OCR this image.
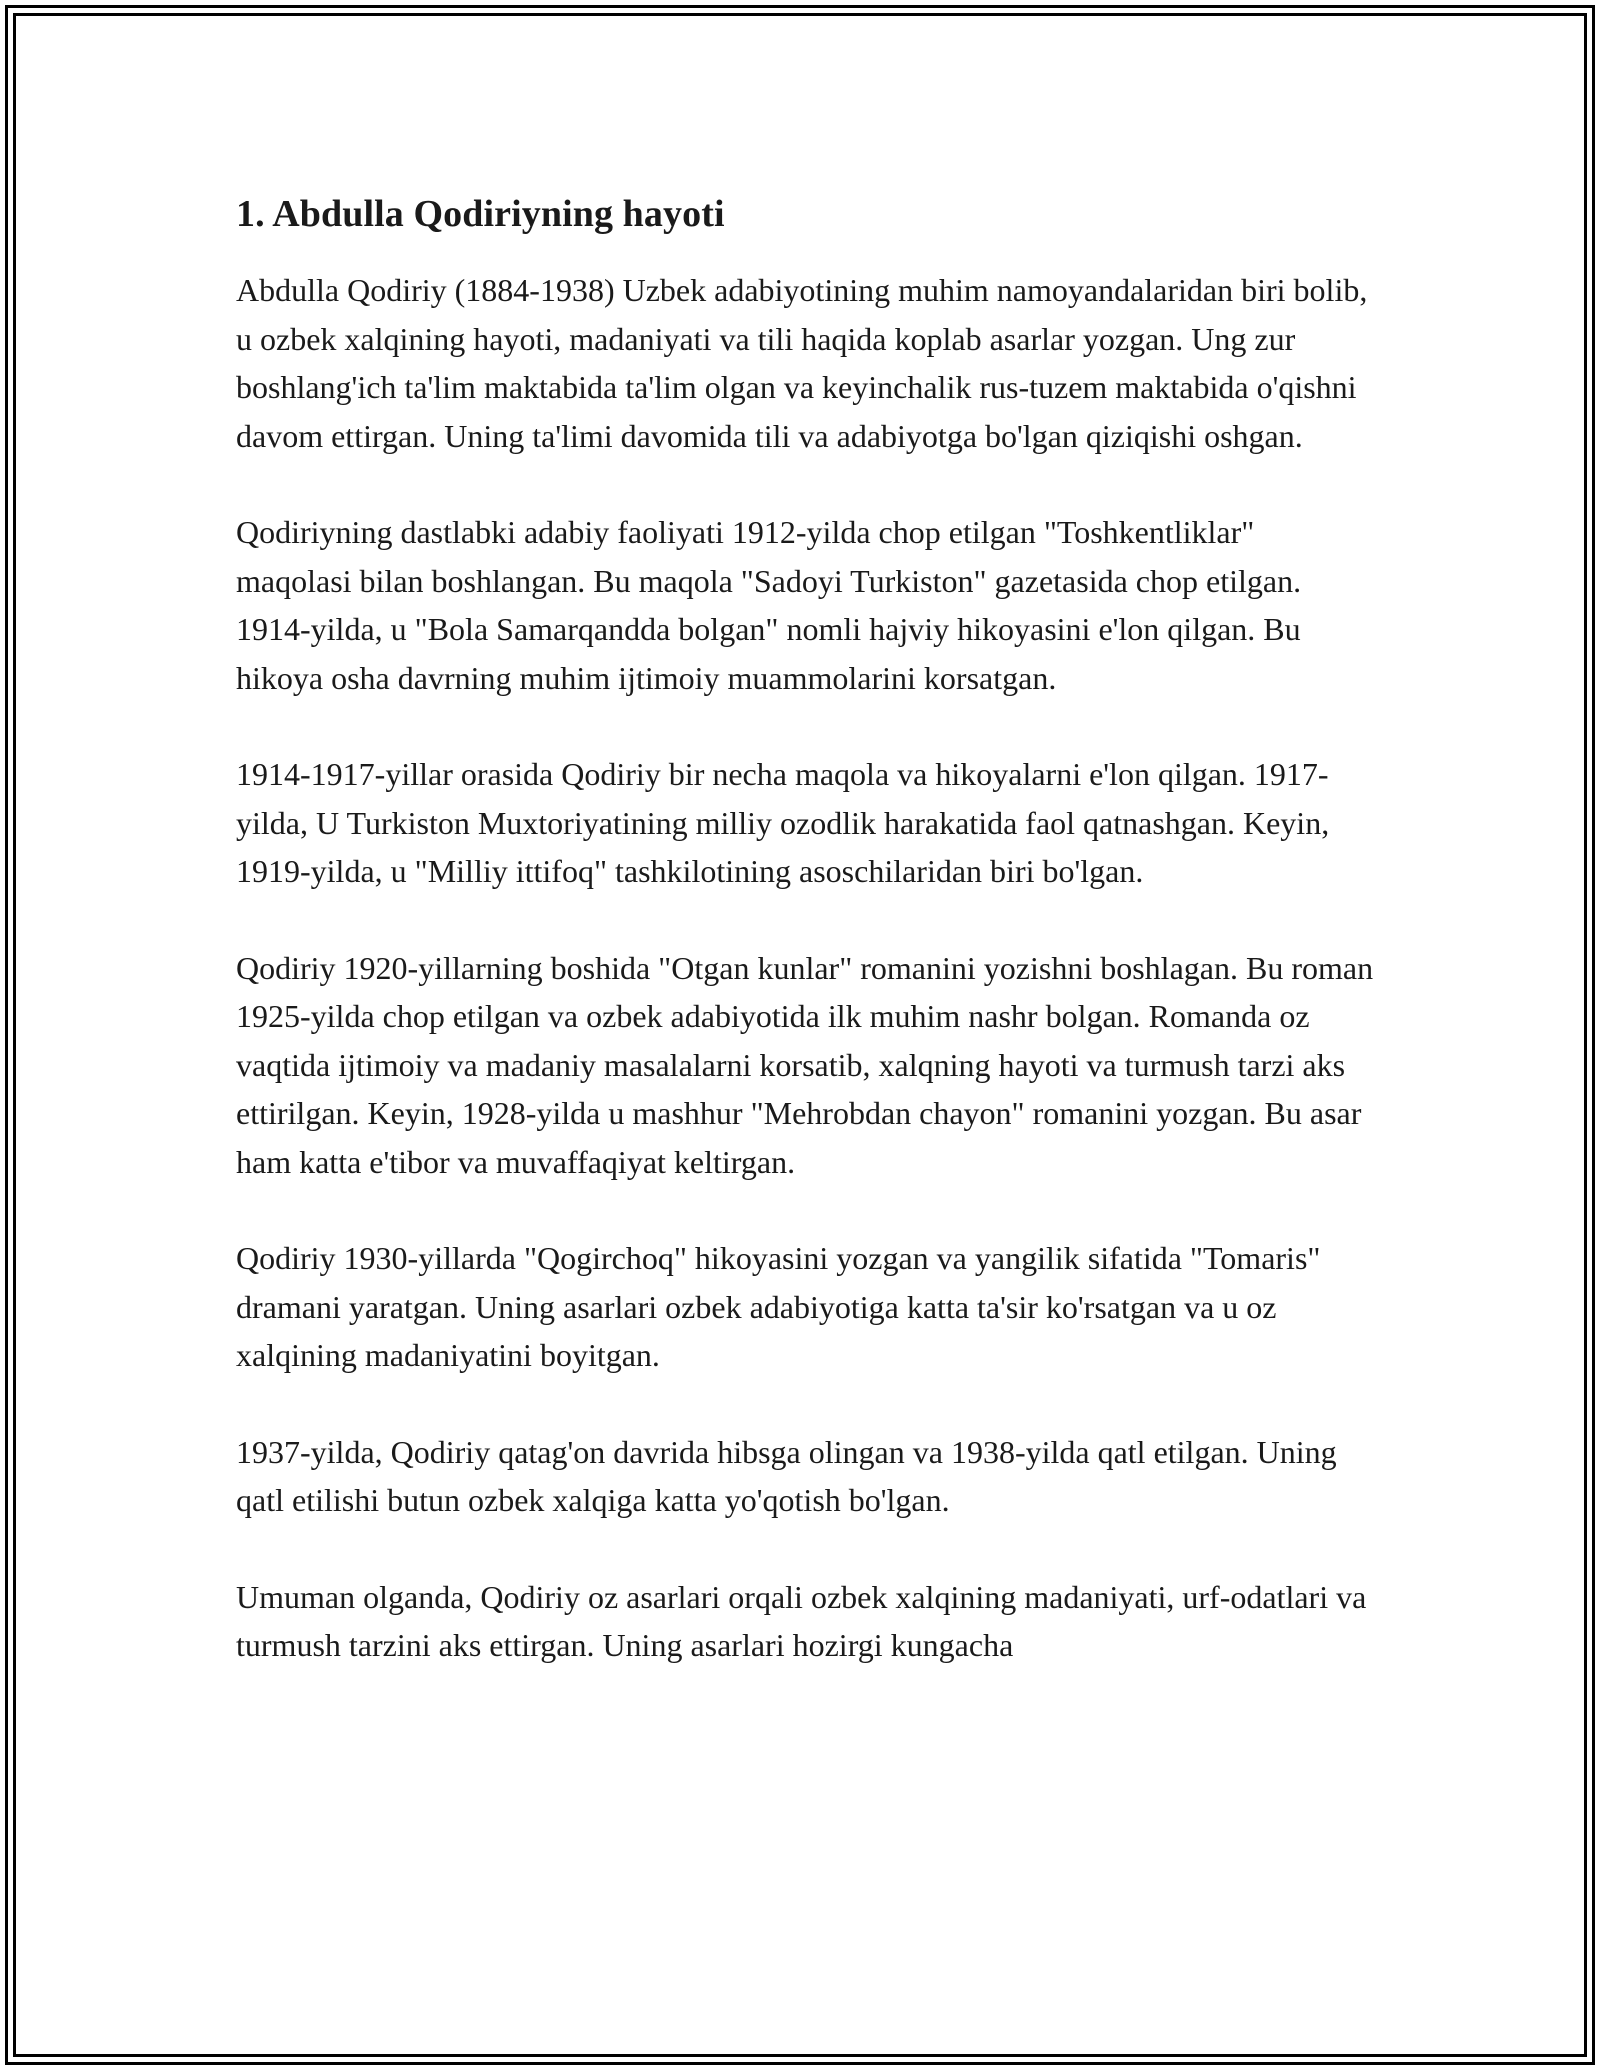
1. Abdulla Qodiriyning hayoti

Abdulla Qodiriy (1884-1938) Uzbek adabiyotining muhim namoyandalaridan biri bolib, u ozbek xalqining hayoti, madaniyati va tili haqida koplab asarlar yozgan. Ung zur boshlang'ich ta'lim maktabida ta'lim olgan va keyinchalik rus-tuzem maktabida o'qishni davom ettirgan. Uning ta'limi davomida tili va adabiyotga bo'lgan qiziqishi oshgan.

Qodiriyning dastlabki adabiy faoliyati 1912-yilda chop etilgan "Toshkentliklar" maqolasi bilan boshlangan. Bu maqola "Sadoyi Turkiston" gazetasida chop etilgan. 1914-yilda, u "Bola Samarqandda bolgan" nomli hajviy hikoyasini e'lon qilgan. Bu hikoya osha davrning muhim ijtimoiy muammolarini korsatgan.

1914-1917-yillar orasida Qodiriy bir necha maqola va hikoyalarni e'lon qilgan. 1917-yilda, U Turkiston Muxtoriyatining milliy ozodlik harakatida faol qatnashgan. Keyin, 1919-yilda, u "Milliy ittifoq" tashkilotining asoschilaridan biri bo'lgan.

Qodiriy 1920-yillarning boshida "Otgan kunlar" romanini yozishni boshlagan. Bu roman 1925-yilda chop etilgan va ozbek adabiyotida ilk muhim nashr bolgan. Romanda oz vaqtida ijtimoiy va madaniy masalalarni korsatib, xalqning hayoti va turmush tarzi aks ettirilgan. Keyin, 1928-yilda u mashhur "Mehrobdan chayon" romanini yozgan. Bu asar ham katta e'tibor va muvaffaqiyat keltirgan.

Qodiriy 1930-yillarda "Qogirchoq" hikoyasini yozgan va yangilik sifatida "Tomaris" dramani yaratgan. Uning asarlari ozbek adabiyotiga katta ta'sir ko'rsatgan va u oz xalqining madaniyatini boyitgan.

1937-yilda, Qodiriy qatag'on davrida hibsga olingan va 1938-yilda qatl etilgan. Uning qatl etilishi butun ozbek xalqiga katta yo'qotish bo'lgan.

Umuman olganda, Qodiriy oz asarlari orqali ozbek xalqining madaniyati, urf-odatlari va turmush tarzini aks ettirgan. Uning asarlari hozirgi kungacha
